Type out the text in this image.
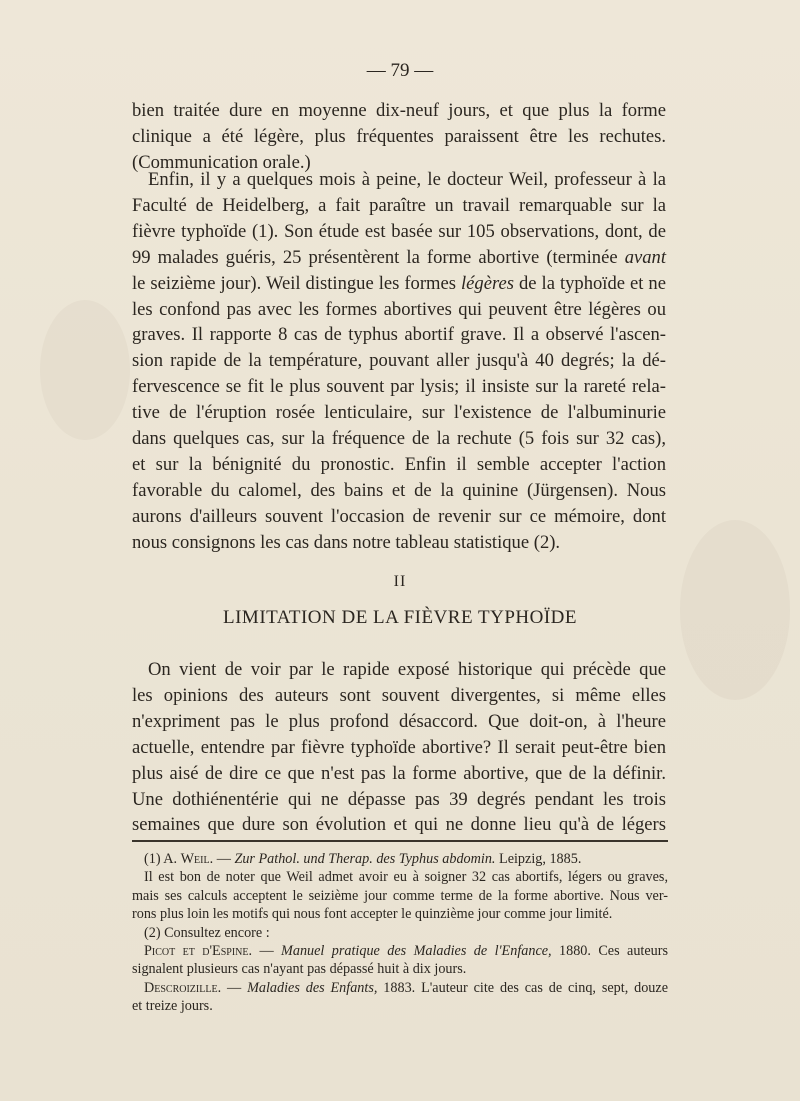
— 79 —
bien traitée dure en moyenne dix-neuf jours, et que plus la forme
clinique a été légère, plus fréquentes paraissent être les rechutes.
(Communication orale.)
Enfin, il y a quelques mois à peine, le docteur Weil, professeur à la
Faculté de Heidelberg, a fait paraître un travail remarquable sur la
fièvre typhoïde (1). Son étude est basée sur 105 observations, dont, de
99 malades guéris, 25 présentèrent la forme abortive (terminée avant
le seizième jour). Weil distingue les formes légères de la typhoïde et ne
les confond pas avec les formes abortives qui peuvent être légères ou
graves. Il rapporte 8 cas de typhus abortif grave. Il a observé l'ascen-
sion rapide de la température, pouvant aller jusqu'à 40 degrés; la dé-
fervescence se fit le plus souvent par lysis; il insiste sur la rareté rela-
tive de l'éruption rosée lenticulaire, sur l'existence de l'albuminurie
dans quelques cas, sur la fréquence de la rechute (5 fois sur 32 cas),
et sur la bénignité du pronostic. Enfin il semble accepter l'action
favorable du calomel, des bains et de la quinine (Jürgensen). Nous
aurons d'ailleurs souvent l'occasion de revenir sur ce mémoire, dont
nous consignons les cas dans notre tableau statistique (2).
II
LIMITATION DE LA FIÈVRE TYPHOÏDE
On vient de voir par le rapide exposé historique qui précède que
les opinions des auteurs sont souvent divergentes, si même elles
n'expriment pas le plus profond désaccord. Que doit-on, à l'heure
actuelle, entendre par fièvre typhoïde abortive? Il serait peut-être bien
plus aisé de dire ce que n'est pas la forme abortive, que de la définir.
Une dothiénentérie qui ne dépasse pas 39 degrés pendant les trois
semaines que dure son évolution et qui ne donne lieu qu'à de légers
(1) A. Weil. — Zur Pathol. und Therap. des Typhus abdomin. Leipzig, 1885.
Il est bon de noter que Weil admet avoir eu à soigner 32 cas abortifs, légers ou graves,
mais ses calculs acceptent le seizième jour comme terme de la forme abortive. Nous ver-
rons plus loin les motifs qui nous font accepter le quinzième jour comme jour limité.
(2) Consultez encore :
Picot et d'Espine. — Manuel pratique des Maladies de l'Enfance, 1880. Ces auteurs
signalent plusieurs cas n'ayant pas dépassé huit à dix jours.
Descroizille. — Maladies des Enfants, 1883. L'auteur cite des cas de cinq, sept, douze
et treize jours.
